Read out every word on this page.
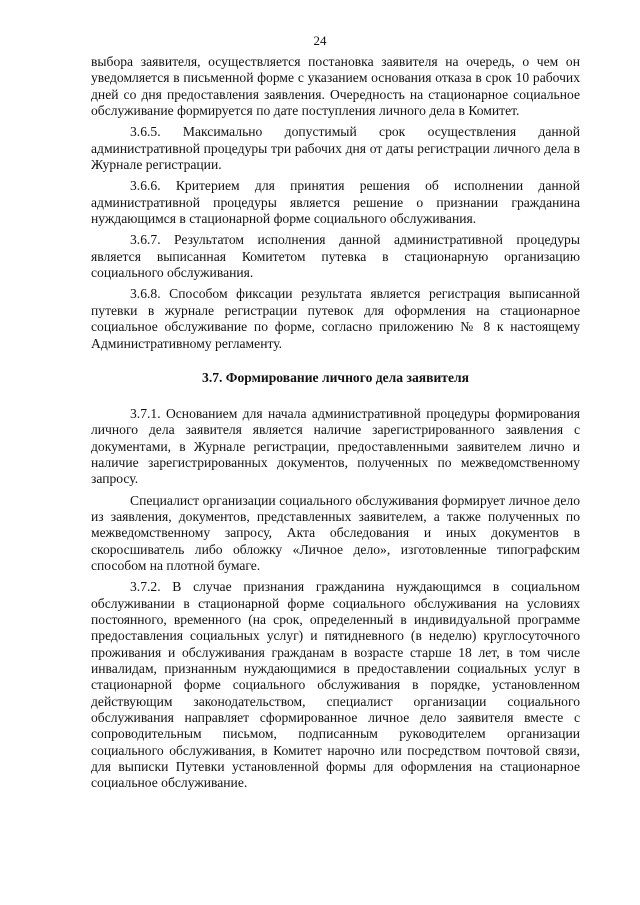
24

выбора заявителя, осуществляется постановка заявителя на очередь, о чем он уведомляется в письменной форме с указанием основания отказа в срок 10 рабочих дней со дня предоставления заявления. Очередность на стационарное социальное обслуживание формируется по дате поступления личного дела в Комитет.

3.6.5. Максимально допустимый срок осуществления данной административной процедуры три рабочих дня от даты регистрации личного дела в Журнале регистрации.

3.6.6. Критерием для принятия решения об исполнении данной административной процедуры является решение о признании гражданина нуждающимся в стационарной форме социального обслуживания.

3.6.7. Результатом исполнения данной административной процедуры является выписанная Комитетом путевка в стационарную организацию социального обслуживания.

3.6.8. Способом фиксации результата является регистрация выписанной путевки в журнале регистрации путевок для оформления на стационарное социальное обслуживание по форме, согласно приложению № 8 к настоящему Административному регламенту.

3.7. Формирование личного дела заявителя

3.7.1. Основанием для начала административной процедуры формирования личного дела заявителя является наличие зарегистрированного заявления с документами, в Журнале регистрации, предоставленными заявителем лично и наличие зарегистрированных документов, полученных по межведомственному запросу.

Специалист организации социального обслуживания формирует личное дело из заявления, документов, представленных заявителем, а также полученных по межведомственному запросу, Акта обследования и иных документов в скоросшиватель либо обложку «Личное дело», изготовленные типографским способом на плотной бумаге.

3.7.2. В случае признания гражданина нуждающимся в социальном обслуживании в стационарной форме социального обслуживания на условиях постоянного, временного (на срок, определенный в индивидуальной программе предоставления социальных услуг) и пятидневного (в неделю) круглосуточного проживания и обслуживания гражданам в возрасте старше 18 лет, в том числе инвалидам, признанным нуждающимися в предоставлении социальных услуг в стационарной форме социального обслуживания в порядке, установленном действующим законодательством, специалист организации социального обслуживания направляет сформированное личное дело заявителя вместе с сопроводительным письмом, подписанным руководителем организации социального обслуживания, в Комитет нарочно или посредством почтовой связи, для выписки Путевки установленной формы для оформления на стационарное социальное обслуживание.
